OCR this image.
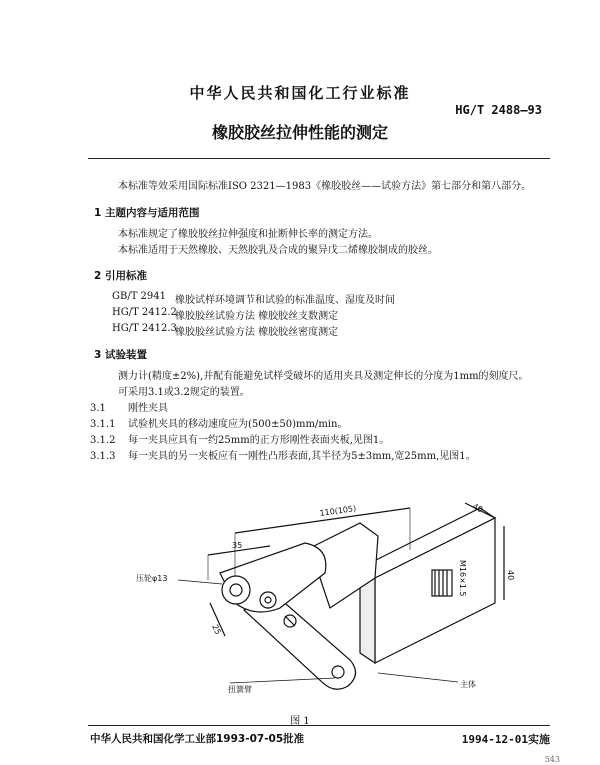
中华人民共和国化工行业标准
HG/T 2488—93
橡胶胶丝拉伸性能的测定
本标准等效采用国际标准ISO 2321—1983《橡胶胶丝——试验方法》第七部分和第八部分。
1 主题内容与适用范围
本标准规定了橡胶胶丝拉伸强度和扯断伸长率的测定方法。
本标准适用于天然橡胶、天然胶乳及合成的聚异戊二烯橡胶制成的胶丝。
2 引用标准
GB/T 2941 橡胶试样环境调节和试验的标准温度、湿度及时间
HG/T 2412.2
橡胶胶丝试验方法 橡胶胶丝支数测定
HG/T 2412.3
橡胶胶丝试验方法 橡胶胶丝密度测定
3 试验装置
测力计(精度±2%),并配有能避免试样受破坏的适用夹具及测定伸长的分度为1mm的刻度尺。
可采用3.1或3.2规定的装置。
3.1 刚性夹具
3.1.1 试验机夹具的移动速度应为(500±50)mm/min。
3.1.2 每一夹具应具有一约25mm的正方形刚性表面夹板,见图1。
3.1.3 每一夹具的另一夹板应有一刚性凸形表面,其半径为5±3mm,宽25mm,见图1。
110(105)
35
25
40
40
M16×1.5
压轮φ13
扭簧臂
主体
图 1
中华人民共和国化学工业部1993-07-05批准	1994-12-01实施
543
